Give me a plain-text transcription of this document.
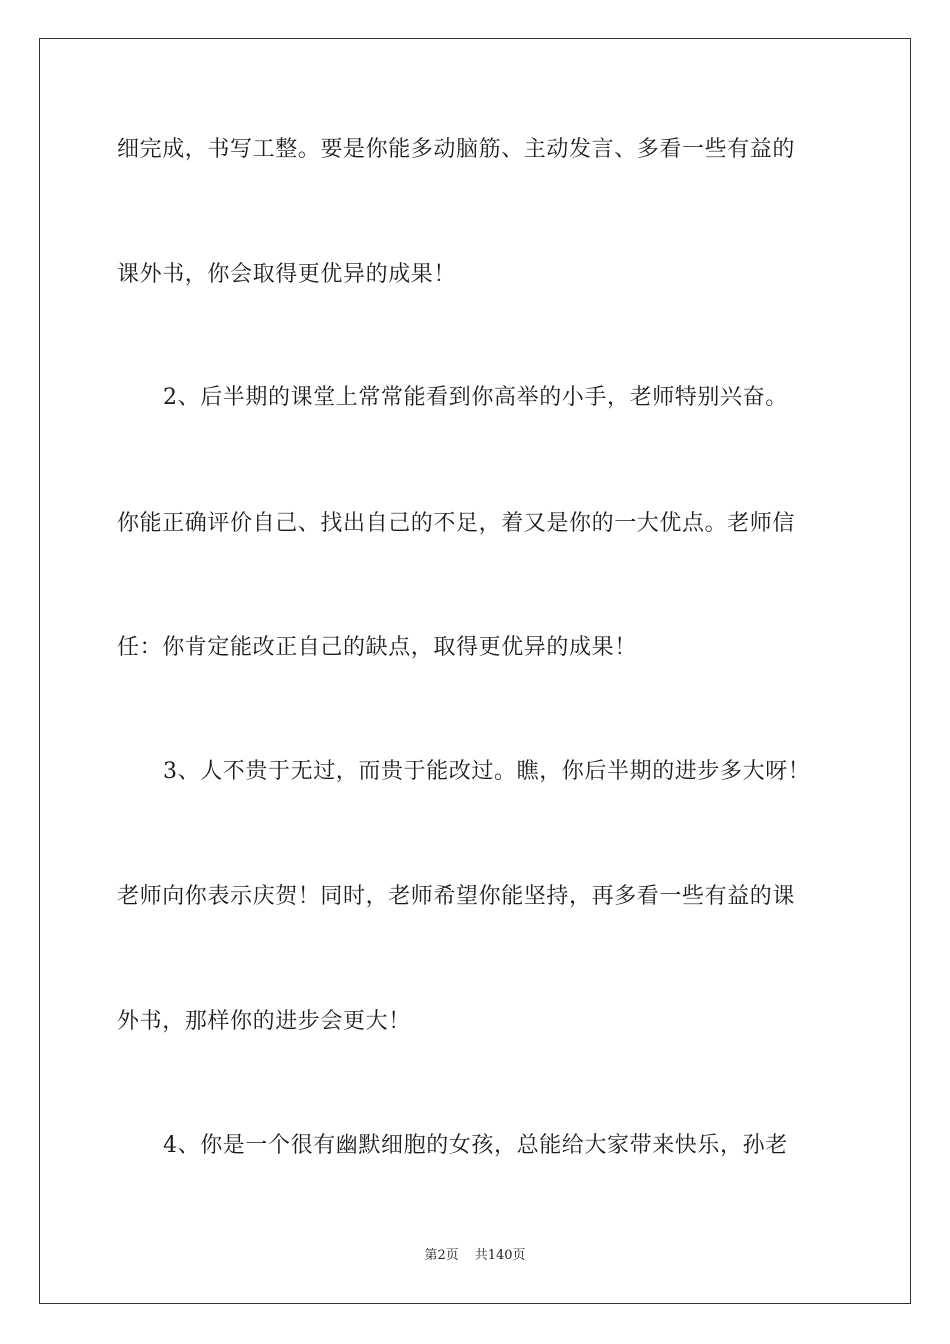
细完成，书写工整。要是你能多动脑筋、主动发言、多看一些有益的
课外书，你会取得更优异的成果！
2、后半期的课堂上常常能看到你高举的小手，老师特别兴奋。
你能正确评价自己、找出自己的不足，着又是你的一大优点。老师信
任：你肯定能改正自己的缺点，取得更优异的成果！
3、人不贵于无过，而贵于能改过。瞧，你后半期的进步多大呀！
老师向你表示庆贺！同时，老师希望你能坚持，再多看一些有益的课
外书，那样你的进步会更大！
4、你是一个很有幽默细胞的女孩，总能给大家带来快乐，孙老
第2页 共140页
